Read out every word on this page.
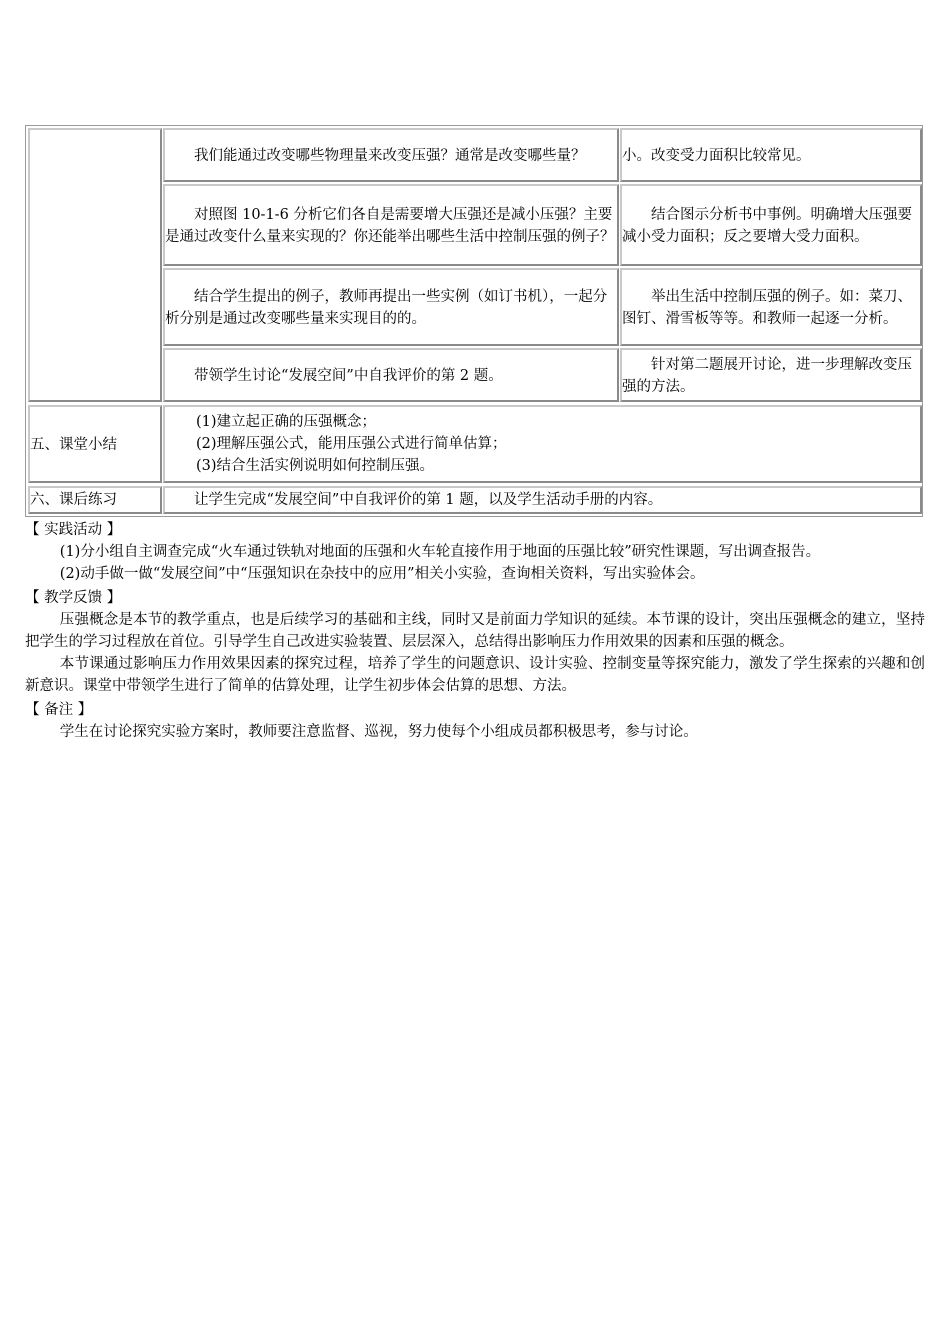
我们能通过改变哪些物理量来改变压强？通常是改变哪些量？	小。改变受力面积比较常见。
对照图 10-1-6 分析它们各自是需要增大压强还是减小压强？主要是通过改变什么量来实现的？你还能举出哪些生活中控制压强的例子？
结合图示分析书中事例。明确增大压强要减小受力面积；反之要增大受力面积。
结合学生提出的例子，教师再提出一些实例（如订书机），一起分析分别是通过改变哪些量来实现目的的。
举出生活中控制压强的例子。如：菜刀、图钉、滑雪板等等。和教师一起逐一分析。
带领学生讨论“发展空间”中自我评价的第 2 题。
针对第二题展开讨论，进一步理解改变压强的方法。
五、课堂小结
(1)建立起正确的压强概念；
(2)理解压强公式，能用压强公式进行简单估算；
(3)结合生活实例说明如何控制压强。
六、课后练习	让学生完成“发展空间”中自我评价的第 1 题，以及学生活动手册的内容。

【 实践活动 】

(1)分小组自主调查完成“火车通过铁轨对地面的压强和火车轮直接作用于地面的压强比较”研究性课题，写出调查报告。

(2)动手做一做“发展空间”中“压强知识在杂技中的应用”相关小实验，查询相关资料，写出实验体会。

【 教学反馈 】

压强概念是本节的教学重点，也是后续学习的基础和主线，同时又是前面力学知识的延续。本节课的设计，突出压强概念的建立，坚持把学生的学习过程放在首位。引导学生自己改进实验装置、层层深入，总结得出影响压力作用效果的因素和压强的概念。

本节课通过影响压力作用效果因素的探究过程，培养了学生的问题意识、设计实验、控制变量等探究能力，激发了学生探索的兴趣和创新意识。课堂中带领学生进行了简单的估算处理，让学生初步体会估算的思想、方法。

【 备注 】

学生在讨论探究实验方案时，教师要注意监督、巡视，努力使每个小组成员都积极思考，参与讨论。
